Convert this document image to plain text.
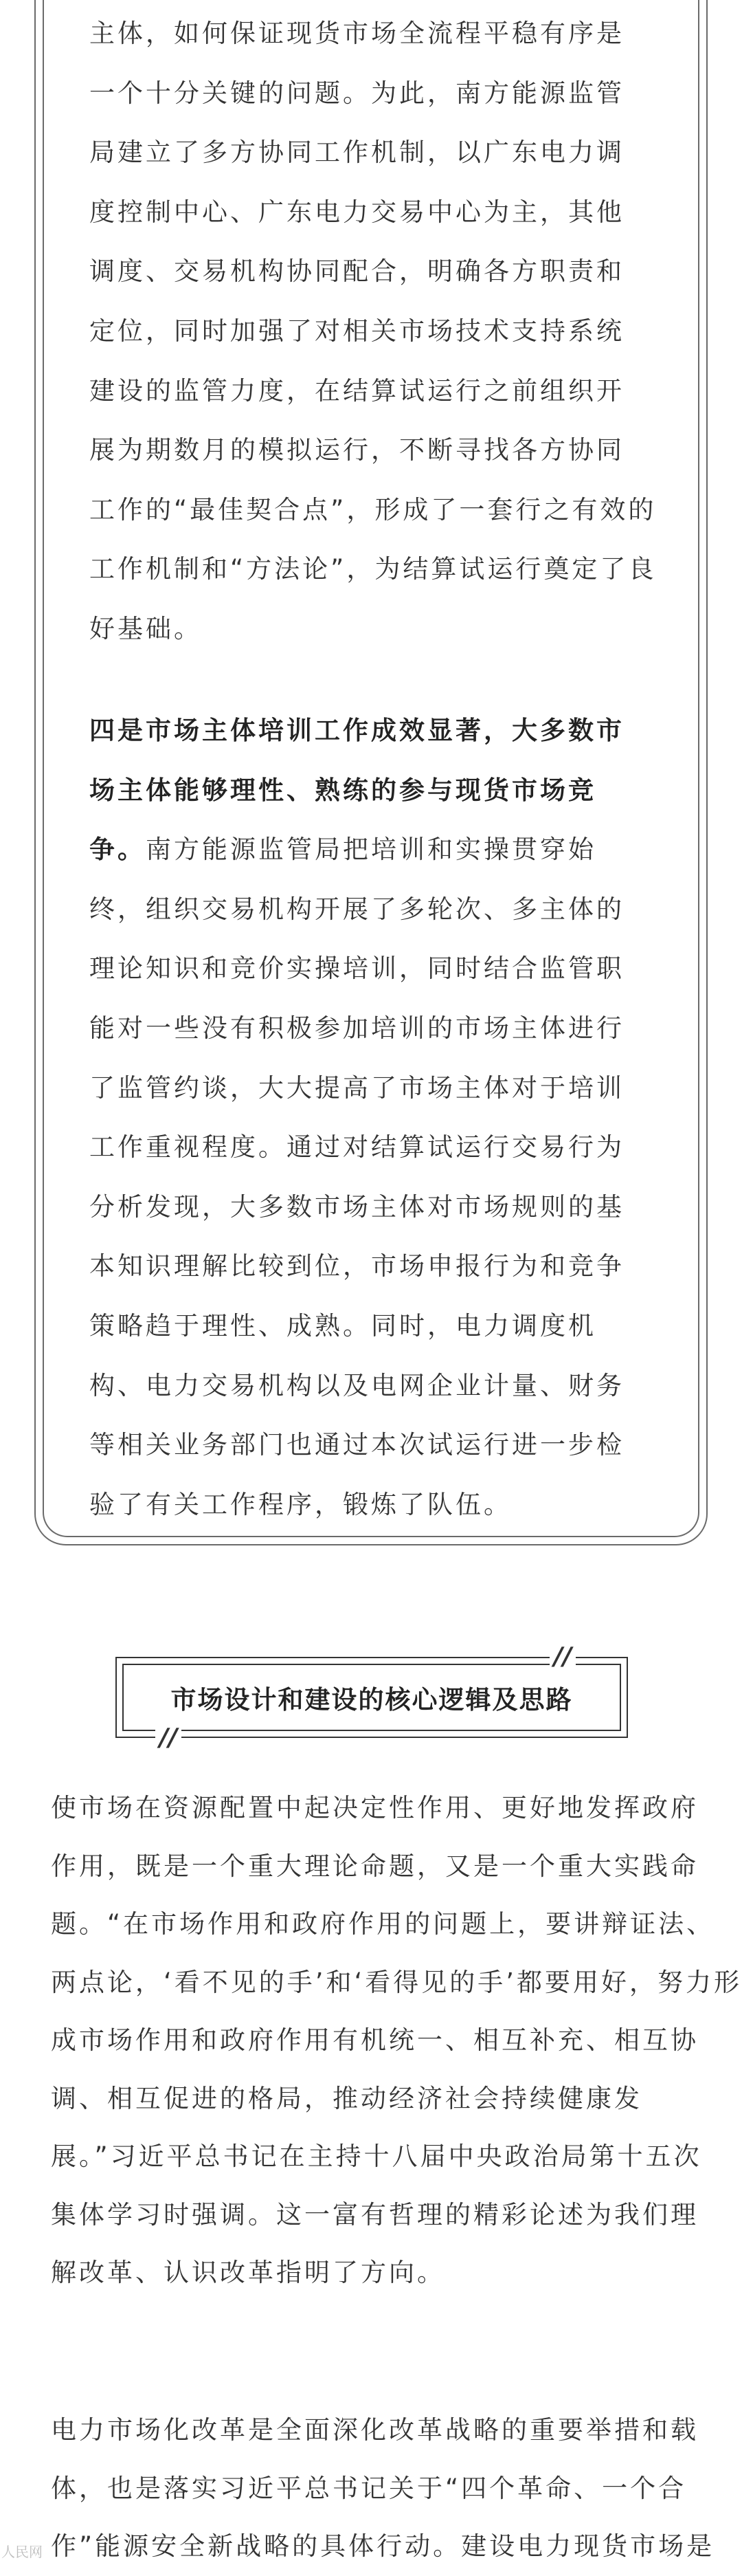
主体，如何保证现货市场全流程平稳有序是
一个十分关键的问题。为此，南方能源监管
局建立了多方协同工作机制，以广东电力调
度控制中心、广东电力交易中心为主，其他
调度、交易机构协同配合，明确各方职责和
定位，同时加强了对相关市场技术支持系统
建设的监管力度，在结算试运行之前组织开
展为期数月的模拟运行，不断寻找各方协同
工作的“最佳契合点”，形成了一套行之有效的
工作机制和“方法论”，为结算试运行奠定了良
好基础。
四是市场主体培训工作成效显著，大多数市
场主体能够理性、熟练的参与现货市场竞
争。南方能源监管局把培训和实操贯穿始
终，组织交易机构开展了多轮次、多主体的
理论知识和竞价实操培训，同时结合监管职
能对一些没有积极参加培训的市场主体进行
了监管约谈，大大提高了市场主体对于培训
工作重视程度。通过对结算试运行交易行为
分析发现，大多数市场主体对市场规则的基
本知识理解比较到位，市场申报行为和竞争
策略趋于理性、成熟。同时，电力调度机
构、电力交易机构以及电网企业计量、财务
等相关业务部门也通过本次试运行进一步检
验了有关工作程序，锻炼了队伍。
市场设计和建设的核心逻辑及思路
//
//
使市场在资源配置中起决定性作用、更好地发挥政府
作用，既是一个重大理论命题，又是一个重大实践命
题。“在市场作用和政府作用的问题上，要讲辩证法、
两点论，‘看不见的手’和‘看得见的手’都要用好，努力形
成市场作用和政府作用有机统一、相互补充、相互协
调、相互促进的格局，推动经济社会持续健康发
展。”习近平总书记在主持十八届中央政治局第十五次
集体学习时强调。这一富有哲理的精彩论述为我们理
解改革、认识改革指明了方向。
电力市场化改革是全面深化改革战略的重要举措和载
体，也是落实习近平总书记关于“四个革命、一个合
作”能源安全新战略的具体行动。建设电力现货市场是
人民网
